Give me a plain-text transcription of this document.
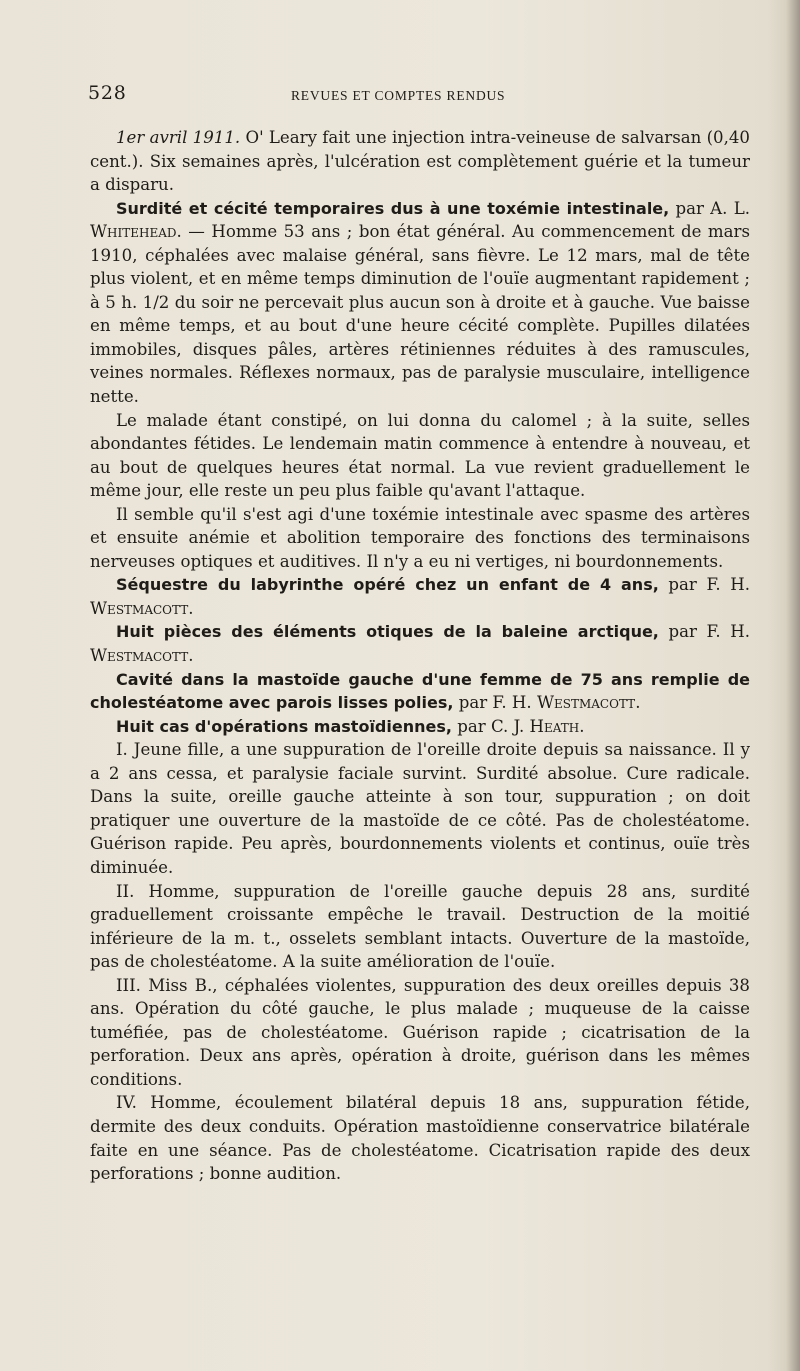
528	REVUES ET COMPTES RENDUS

1er avril 1911. O' Leary fait une injection intra-veineuse de salvarsan (0,40 cent.). Six semaines après, l'ulcération est complètement guérie et la tumeur a disparu.

Surdité et cécité temporaires dus à une toxémie intestinale, par A. L. Whitehead. — Homme 53 ans ; bon état général. Au commencement de mars 1910, céphalées avec malaise général, sans fièvre. Le 12 mars, mal de tête plus violent, et en même temps diminution de l'ouïe augmentant rapidement ; à 5 h. 1/2 du soir ne percevait plus aucun son à droite et à gauche. Vue baisse en même temps, et au bout d'une heure cécité complète. Pupilles dilatées immobiles, disques pâles, artères rétiniennes réduites à des ramuscules, veines normales. Réflexes normaux, pas de paralysie musculaire, intelligence nette.

Le malade étant constipé, on lui donna du calomel ; à la suite, selles abondantes fétides. Le lendemain matin commence à entendre à nouveau, et au bout de quelques heures état normal. La vue revient graduellement le même jour, elle reste un peu plus faible qu'avant l'attaque.

Il semble qu'il s'est agi d'une toxémie intestinale avec spasme des artères et ensuite anémie et abolition temporaire des fonctions des terminaisons nerveuses optiques et auditives. Il n'y a eu ni vertiges, ni bourdonnements.

Séquestre du labyrinthe opéré chez un enfant de 4 ans, par F. H. Westmacott.

Huit pièces des éléments otiques de la baleine arctique, par F. H. Westmacott.

Cavité dans la mastoïde gauche d'une femme de 75 ans remplie de cholestéatome avec parois lisses polies, par F. H. Westmacott.

Huit cas d'opérations mastoïdiennes, par C. J. Heath.

I. Jeune fille, a une suppuration de l'oreille droite depuis sa naissance. Il y a 2 ans cessa, et paralysie faciale survint. Surdité absolue. Cure radicale. Dans la suite, oreille gauche atteinte à son tour, suppuration ; on doit pratiquer une ouverture de la mastoïde de ce côté. Pas de cholestéatome. Guérison rapide. Peu après, bourdonnements violents et continus, ouïe très diminuée.

II. Homme, suppuration de l'oreille gauche depuis 28 ans, surdité graduellement croissante empêche le travail. Destruction de la moitié inférieure de la m. t., osselets semblant intacts. Ouverture de la mastoïde, pas de cholestéatome. A la suite amélioration de l'ouïe.

III. Miss B., céphalées violentes, suppuration des deux oreilles depuis 38 ans. Opération du côté gauche, le plus malade ; muqueuse de la caisse tuméfiée, pas de cholestéatome. Guérison rapide ; cicatrisation de la perforation. Deux ans après, opération à droite, guérison dans les mêmes conditions.

IV. Homme, écoulement bilatéral depuis 18 ans, suppuration fétide, dermite des deux conduits. Opération mastoïdienne conservatrice bilatérale faite en une séance. Pas de cholestéatome. Cicatrisation rapide des deux perforations ; bonne audition.
